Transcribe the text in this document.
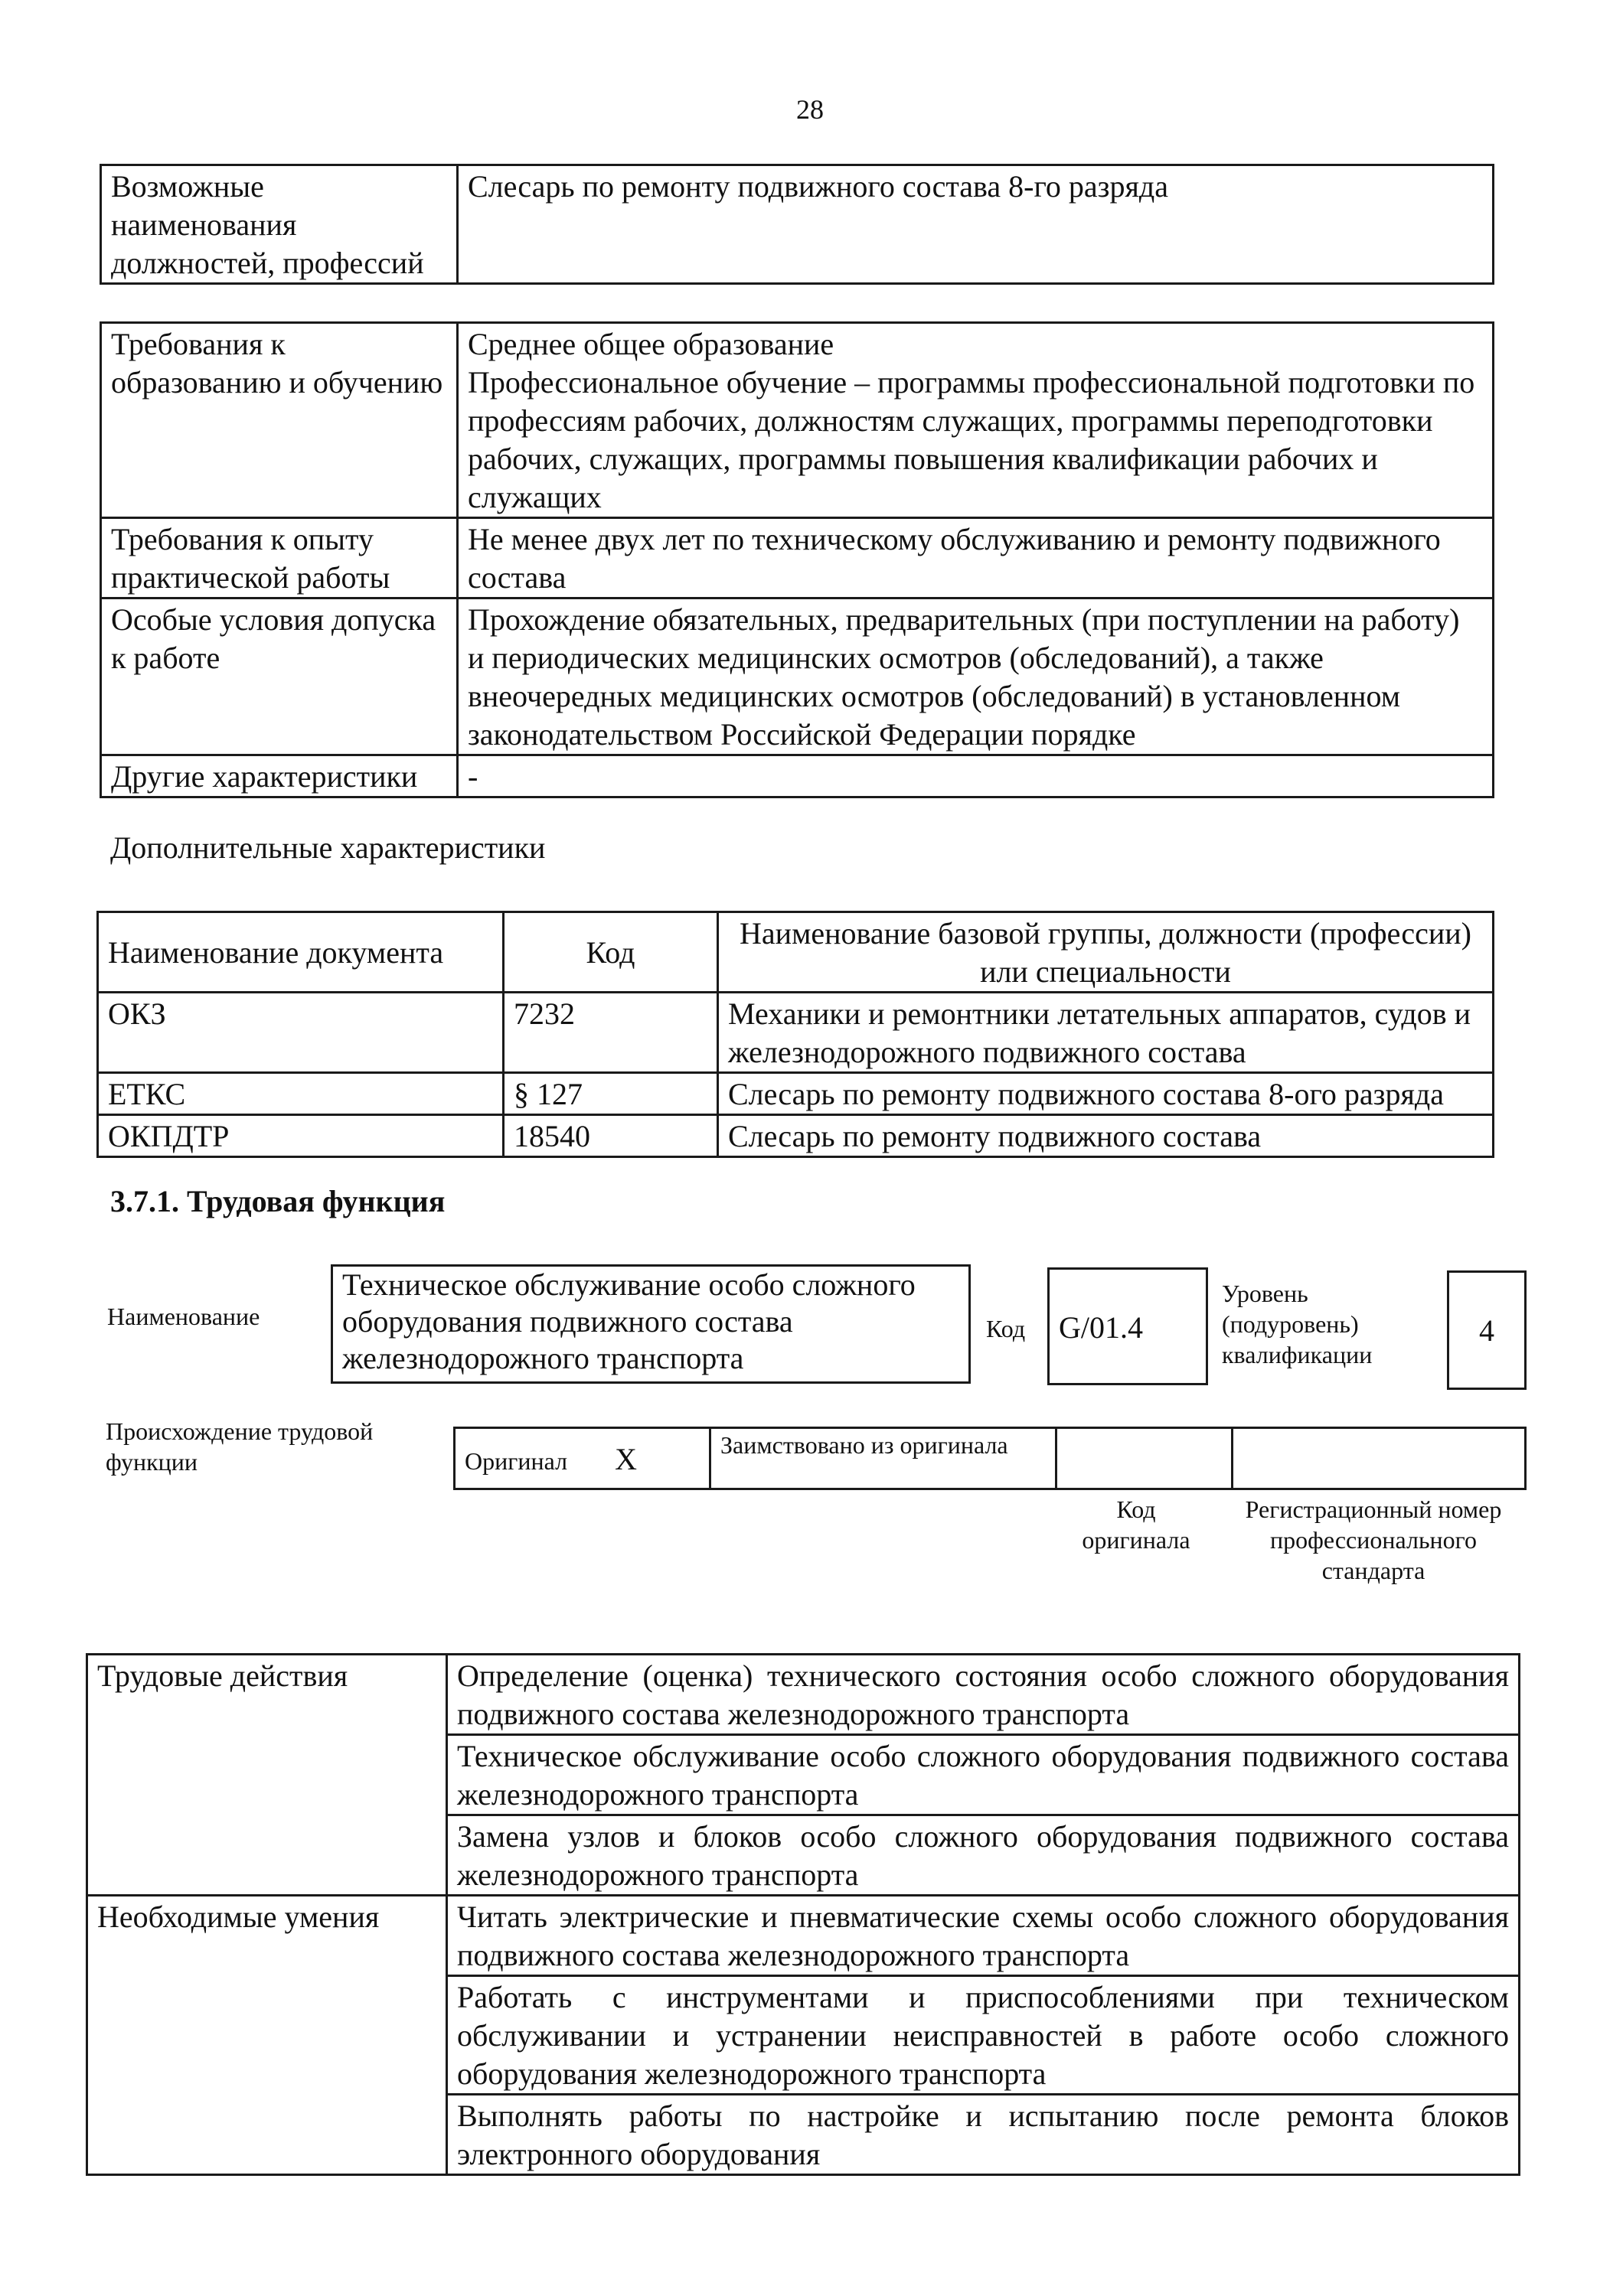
28
Возможные наименования должностей, профессий	Слесарь по ремонту подвижного состава 8-го разряда
Требования к образованию и обучению	Среднее общее образование
Профессиональное обучение – программы профессиональной подготовки по профессиям рабочих, должностям служащих, программы переподготовки рабочих, служащих, программы повышения квалификации рабочих и служащих

Требования к опыту практической работы	Не менее двух лет по техническому обслуживанию и ремонту подвижного состава
Особые условия допуска к работе	Прохождение обязательных, предварительных (при поступлении на работу) и периодических медицинских осмотров (обследований), а также внеочередных медицинских осмотров (обследований) в установленном законодательством Российской Федерации порядке
Другие характеристики	-
Дополнительные характеристики
Наименование документа	Код	Наименование базовой группы, должности (профессии) или специальности
ОКЗ	7232	Механики и ремонтники летательных аппаратов, судов и железнодорожного подвижного состава
ЕТКС	§ 127	Слесарь по ремонту подвижного состава 8-ого разряда
ОКПДТР	18540	Слесарь по ремонту подвижного состава
3.7.1. Трудовая функция
Наименование
Техническое обслуживание особо сложного оборудования подвижного состава железнодорожного транспорта
Код	G/01.4
Уровень (подуровень) квалификации
4
Происхождение трудовой функции	Оригинал X	Заимствовано из оригинала		
Код оригинала
Регистрационный номер профессионального стандарта
Трудовые действия	Определение (оценка) технического состояния особо сложного оборудования подвижного состава железнодорожного транспорта
	Техническое обслуживание особо сложного оборудования подвижного состава железнодорожного транспорта
	Замена узлов и блоков особо сложного оборудования подвижного состава железнодорожного транспорта
Необходимые умения	Читать электрические и пневматические схемы особо сложного оборудования подвижного состава железнодорожного транспорта
	Работать с инструментами и приспособлениями при техническом обслуживании и устранении неисправностей в работе особо сложного оборудования железнодорожного транспорта
	Выполнять работы по настройке и испытанию после ремонта блоков электронного оборудования
